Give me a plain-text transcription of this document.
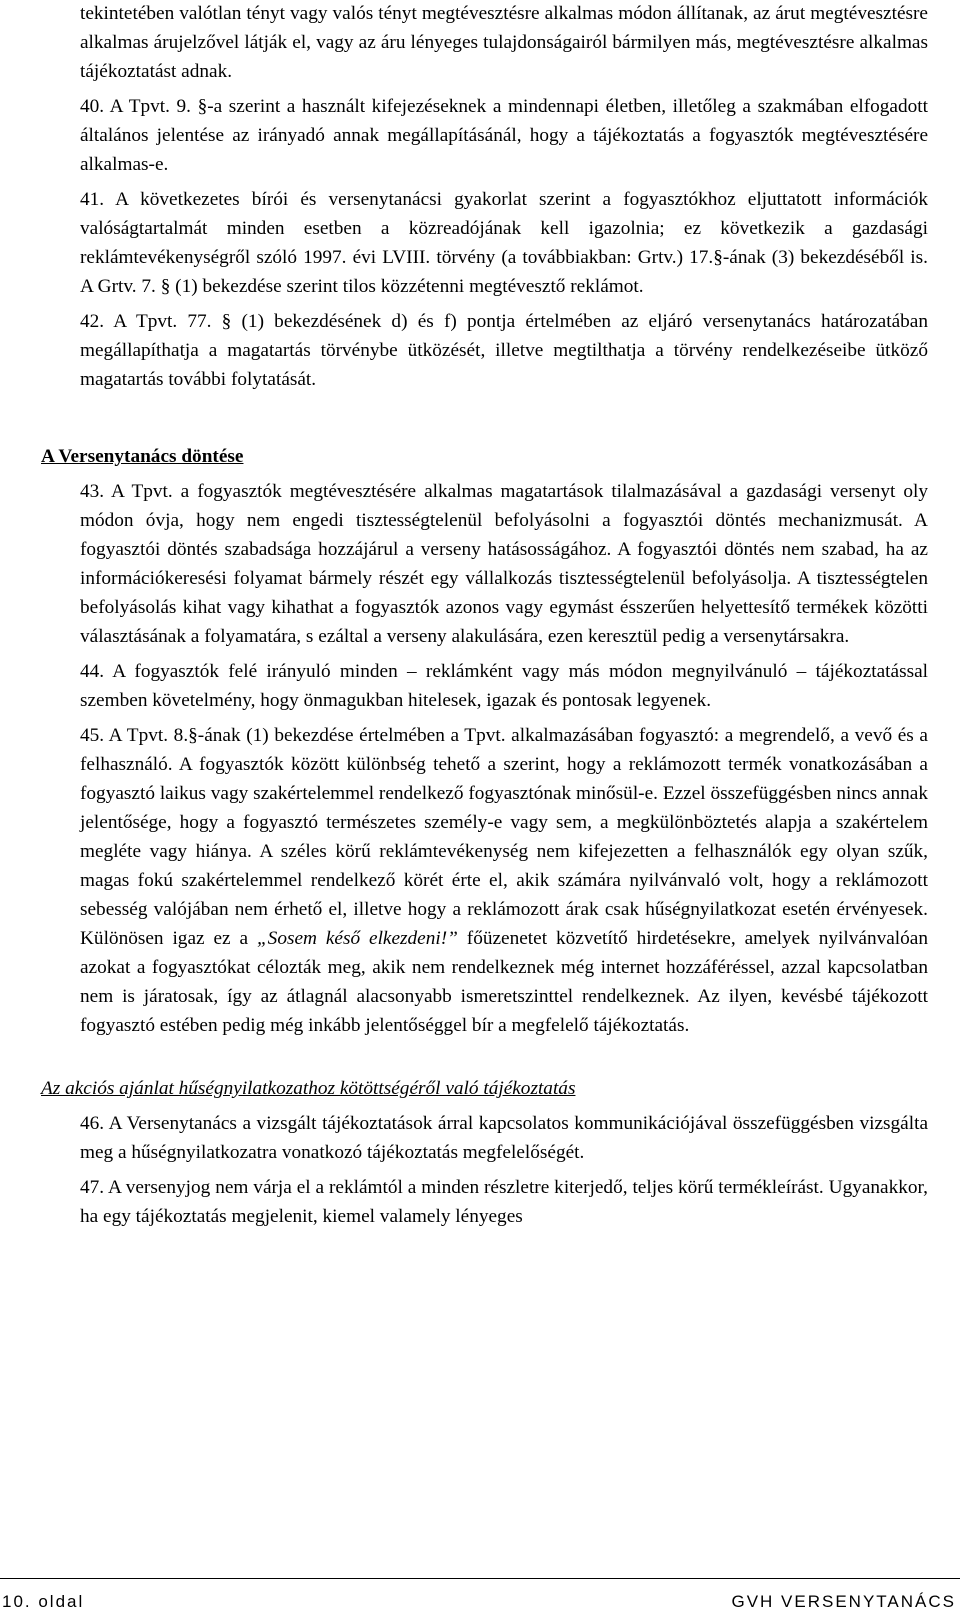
tekintetében valótlan tényt vagy valós tényt megtévesztésre alkalmas módon állítanak, az árut megtévesztésre alkalmas árujelzővel látják el, vagy az áru lényeges tulajdonságairól bármilyen más, megtévesztésre alkalmas tájékoztatást adnak.

40. A Tpvt. 9. §-a szerint a használt kifejezéseknek a mindennapi életben, illetőleg a szakmában elfogadott általános jelentése az irányadó annak megállapításánál, hogy a tájékoztatás a fogyasztók megtévesztésére alkalmas-e.

41. A következetes bírói és versenytanácsi gyakorlat szerint a fogyasztókhoz eljuttatott információk valóságtartalmát minden esetben a közreadójának kell igazolnia; ez következik a gazdasági reklámtevékenységről szóló 1997. évi LVIII. törvény (a továbbiakban: Grtv.) 17.§-ának (3) bekezdéséből is. A Grtv. 7. § (1) bekezdése szerint tilos közzétenni megtévesztő reklámot.

42. A Tpvt. 77. § (1) bekezdésének d) és f) pontja értelmében az eljáró versenytanács határozatában megállapíthatja a magatartás törvénybe ütközését, illetve megtilthatja a törvény rendelkezéseibe ütköző magatartás további folytatását.

A Versenytanács döntése

43. A Tpvt. a fogyasztók megtévesztésére alkalmas magatartások tilalmazásával a gazdasági versenyt oly módon óvja, hogy nem engedi tisztességtelenül befolyásolni a fogyasztói döntés mechanizmusát. A fogyasztói döntés szabadsága hozzájárul a verseny hatásosságához. A fogyasztói döntés nem szabad, ha az információkeresési folyamat bármely részét egy vállalkozás tisztességtelenül befolyásolja. A tisztességtelen befolyásolás kihat vagy kihathat a fogyasztók azonos vagy egymást ésszerűen helyettesítő termékek közötti választásának a folyamatára, s ezáltal a verseny alakulására, ezen keresztül pedig a versenytársakra.

44. A fogyasztók felé irányuló minden – reklámként vagy más módon megnyilvánuló – tájékoztatással szemben követelmény, hogy önmagukban hitelesek, igazak és pontosak legyenek.

45. A Tpvt. 8.§-ának (1) bekezdése értelmében a Tpvt. alkalmazásában fogyasztó: a megrendelő, a vevő és a felhasználó. A fogyasztók között különbség tehető a szerint, hogy a reklámozott termék vonatkozásában a fogyasztó laikus vagy szakértelemmel rendelkező fogyasztónak minősül-e. Ezzel összefüggésben nincs annak jelentősége, hogy a fogyasztó természetes személy-e vagy sem, a megkülönböztetés alapja a szakértelem megléte vagy hiánya. A széles körű reklámtevékenység nem kifejezetten a felhasználók egy olyan szűk, magas fokú szakértelemmel rendelkező körét érte el, akik számára nyilvánvaló volt, hogy a reklámozott sebesség valójában nem érhető el, illetve hogy a reklámozott árak csak hűségnyilatkozat esetén érvényesek. Különösen igaz ez a „Sosem késő elkezdeni!” főüzenetet közvetítő hirdetésekre, amelyek nyilvánvalóan azokat a fogyasztókat célozták meg, akik nem rendelkeznek még internet hozzáféréssel, azzal kapcsolatban nem is járatosak, így az átlagnál alacsonyabb ismeretszinttel rendelkeznek. Az ilyen, kevésbé tájékozott fogyasztó estében pedig még inkább jelentőséggel bír a megfelelő tájékoztatás.

Az akciós ajánlat hűségnyilatkozathoz kötöttségéről való tájékoztatás

46. A Versenytanács a vizsgált tájékoztatások árral kapcsolatos kommunikációjával összefüggésben vizsgálta meg a hűségnyilatkozatra vonatkozó tájékoztatás megfelelőségét.

47. A versenyjog nem várja el a reklámtól a minden részletre kiterjedő, teljes körű termékleírást. Ugyanakkor, ha egy tájékoztatás megjelenit, kiemel valamely lényeges

10. oldal	GVH VERSENYTANÁCS
